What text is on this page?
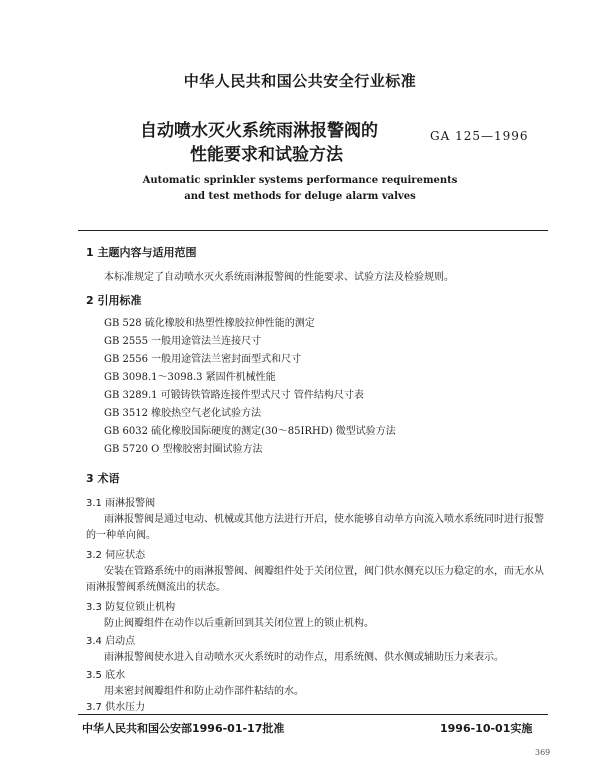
中华人民共和国公共安全行业标准
自动喷水灭火系统雨淋报警阀的
性能要求和试验方法
GA 125—1996
Automatic sprinkler systems performance requirements
and test methods for deluge alarm valves
1 主题内容与适用范围
本标准规定了自动喷水灭火系统雨淋报警阀的性能要求、试验方法及检验规则。
2 引用标准
GB 528 硫化橡胶和热塑性橡胶拉伸性能的测定
GB 2555 一般用途管法兰连接尺寸
GB 2556 一般用途管法兰密封面型式和尺寸
GB 3098.1～3098.3 紧固件机械性能
GB 3289.1 可锻铸铁管路连接件型式尺寸 管件结构尺寸表
GB 3512 橡胶热空气老化试验方法
GB 6032 硫化橡胶国际硬度的测定(30～85IRHD) 微型试验方法
GB 5720 O 型橡胶密封圈试验方法
3 术语
3.1 雨淋报警阀
雨淋报警阀是通过电动、机械或其他方法进行开启，使水能够自动单方向流入喷水系统同时进行报警的一种单向阀。
3.2 伺应状态
安装在管路系统中的雨淋报警阀、阀瓣组件处于关闭位置，阀门供水侧充以压力稳定的水，而无水从雨淋报警阀系统侧流出的状态。
3.3 防复位锁止机构
防止阀瓣组件在动作以后重新回到其关闭位置上的锁止机构。
3.4 启动点
雨淋报警阀使水进入自动喷水灭火系统时的动作点，用系统侧、供水侧或辅助压力来表示。
3.5 底水
用来密封阀瓣组件和防止动作部件粘结的水。
3.7 供水压力
中华人民共和国公安部1996-01-17批准	1996-10-01实施
369
